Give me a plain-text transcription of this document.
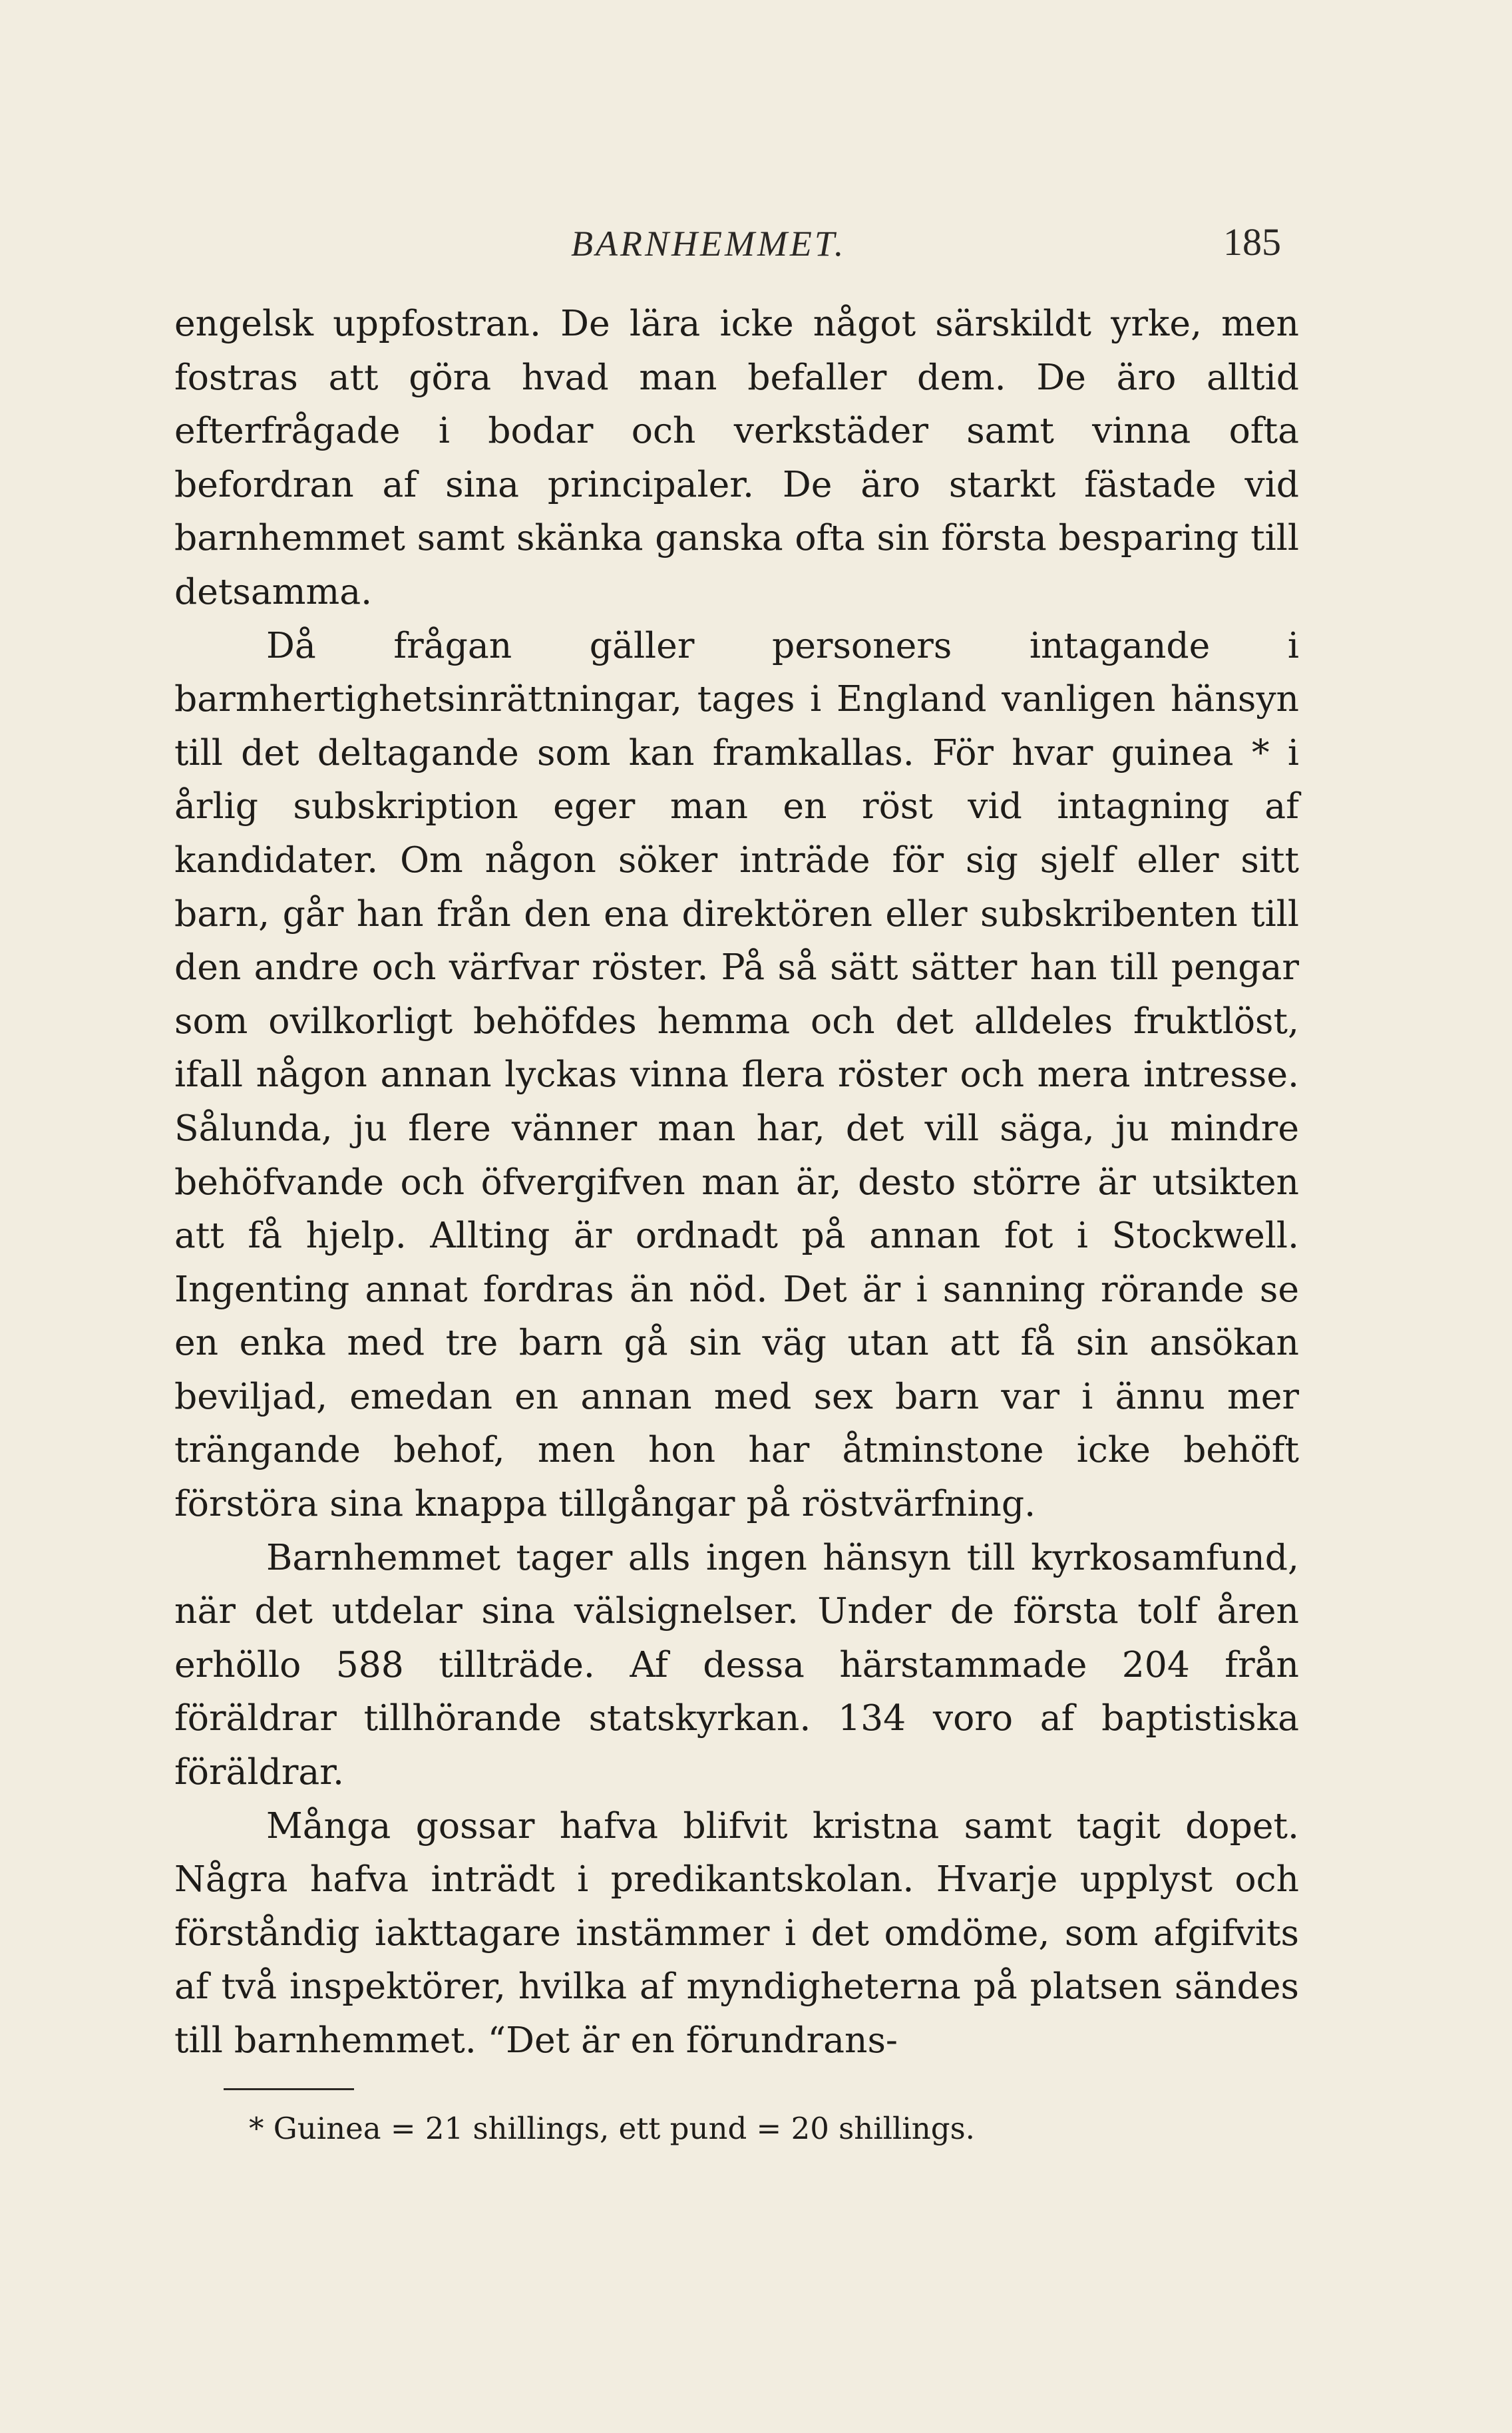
BARNHEMMET.	185

engelsk uppfostran. De lära icke något särskildt yrke, men fostras att göra hvad man befaller dem. De äro alltid efterfrågade i bodar och verkstäder samt vinna ofta befordran af sina principaler. De äro starkt fästade vid barnhemmet samt skänka ganska ofta sin första besparing till detsamma.

Då frågan gäller personers intagande i barmhertighetsinrättningar, tages i England vanligen hänsyn till det deltagande som kan framkallas. För hvar guinea * i årlig subskription eger man en röst vid intagning af kandidater. Om någon söker inträde för sig sjelf eller sitt barn, går han från den ena direktören eller subskribenten till den andre och värfvar röster. På så sätt sätter han till pengar som ovilkorligt behöfdes hemma och det alldeles fruktlöst, ifall någon annan lyckas vinna flera röster och mera intresse. Sålunda, ju flere vänner man har, det vill säga, ju mindre behöfvande och öfvergifven man är, desto större är utsikten att få hjelp. Allting är ordnadt på annan fot i Stockwell. Ingenting annat fordras än nöd. Det är i sanning rörande se en enka med tre barn gå sin väg utan att få sin ansökan beviljad, emedan en annan med sex barn var i ännu mer trängande behof, men hon har åtminstone icke behöft förstöra sina knappa tillgångar på röstvärfning.

Barnhemmet tager alls ingen hänsyn till kyrkosamfund, när det utdelar sina välsignelser. Under de första tolf åren erhöllo 588 tillträde. Af dessa härstammade 204 från föräldrar tillhörande statskyrkan. 134 voro af baptistiska föräldrar.

Många gossar hafva blifvit kristna samt tagit dopet. Några hafva inträdt i predikantskolan. Hvarje upplyst och förståndig iakttagare instämmer i det omdöme, som afgifvits af två inspektörer, hvilka af myndigheterna på platsen sändes till barnhemmet. “Det är en förundrans-

* Guinea = 21 shillings, ett pund = 20 shillings.
